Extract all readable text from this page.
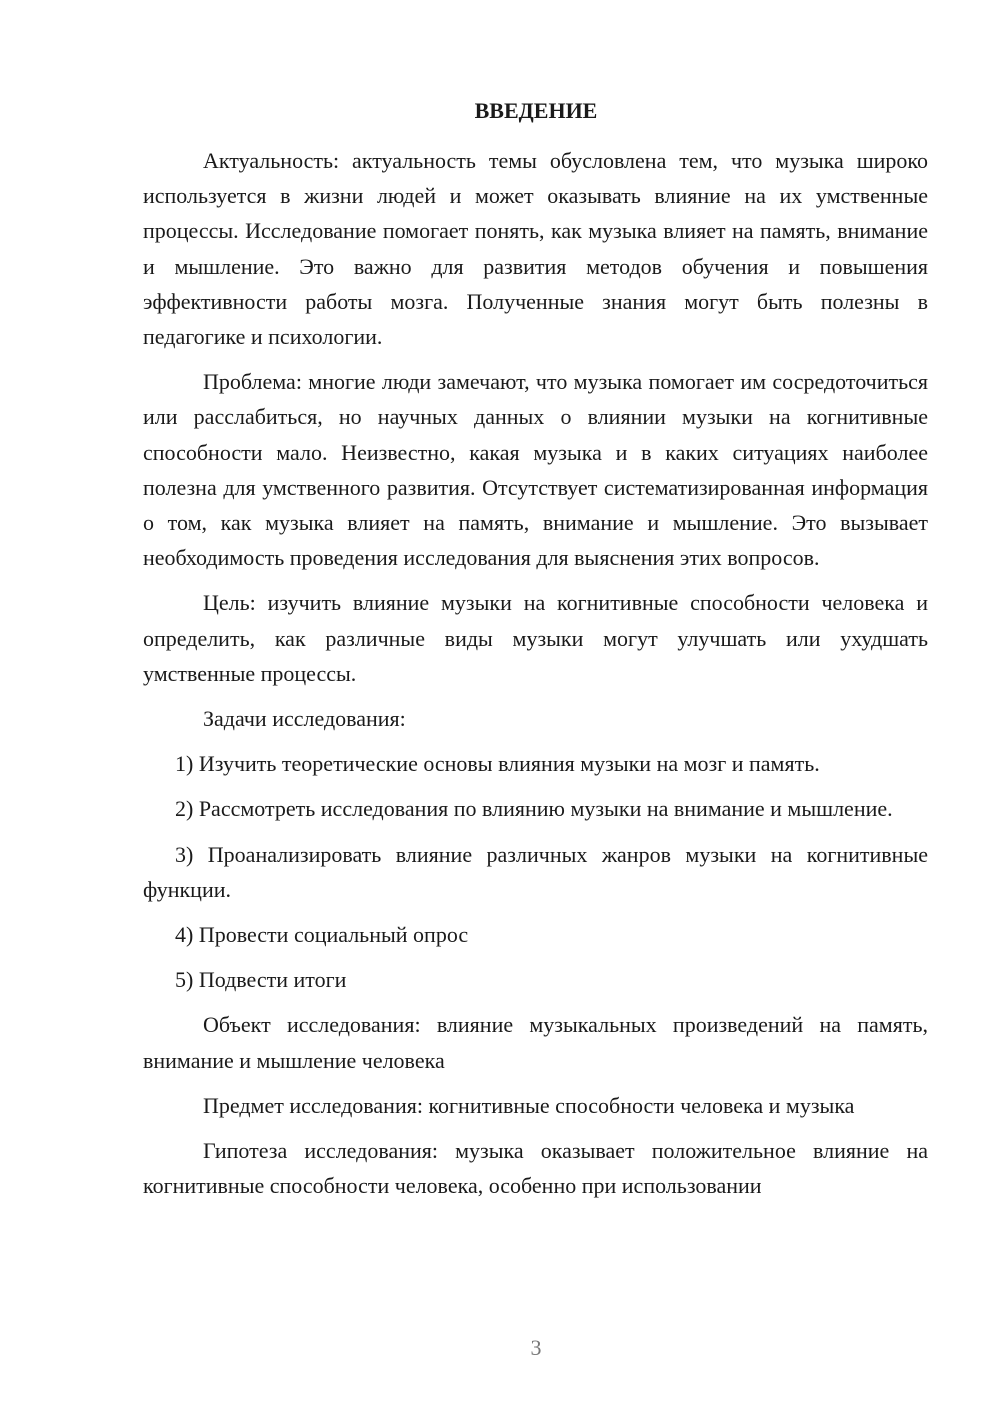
ВВЕДЕНИЕ

Актуальность: актуальность темы обусловлена тем, что музыка широко используется в жизни людей и может оказывать влияние на их умственные процессы. Исследование помогает понять, как музыка влияет на память, внимание и мышление. Это важно для развития методов обучения и повышения эффективности работы мозга. Полученные знания могут быть полезны в педагогике и психологии.

Проблема: многие люди замечают, что музыка помогает им сосредоточиться или расслабиться, но научных данных о влиянии музыки на когнитивные способности мало. Неизвестно, какая музыка и в каких ситуациях наиболее полезна для умственного развития. Отсутствует систематизированная информация о том, как музыка влияет на память, внимание и мышление. Это вызывает необходимость проведения исследования для выяснения этих вопросов.

Цель: изучить влияние музыки на когнитивные способности человека и определить, как различные виды музыки могут улучшать или ухудшать умственные процессы.

Задачи исследования:

1) Изучить теоретические основы влияния музыки на мозг и память.

2) Рассмотреть исследования по влиянию музыки на внимание и мышление.

3) Проанализировать влияние различных жанров музыки на когнитивные функции.

4) Провести социальный опрос

5) Подвести итоги

Объект исследования: влияние музыкальных произведений на память, внимание и мышление человека

Предмет исследования: когнитивные способности человека и музыка

Гипотеза исследования: музыка оказывает положительное влияние на когнитивные способности человека, особенно при использовании

3
